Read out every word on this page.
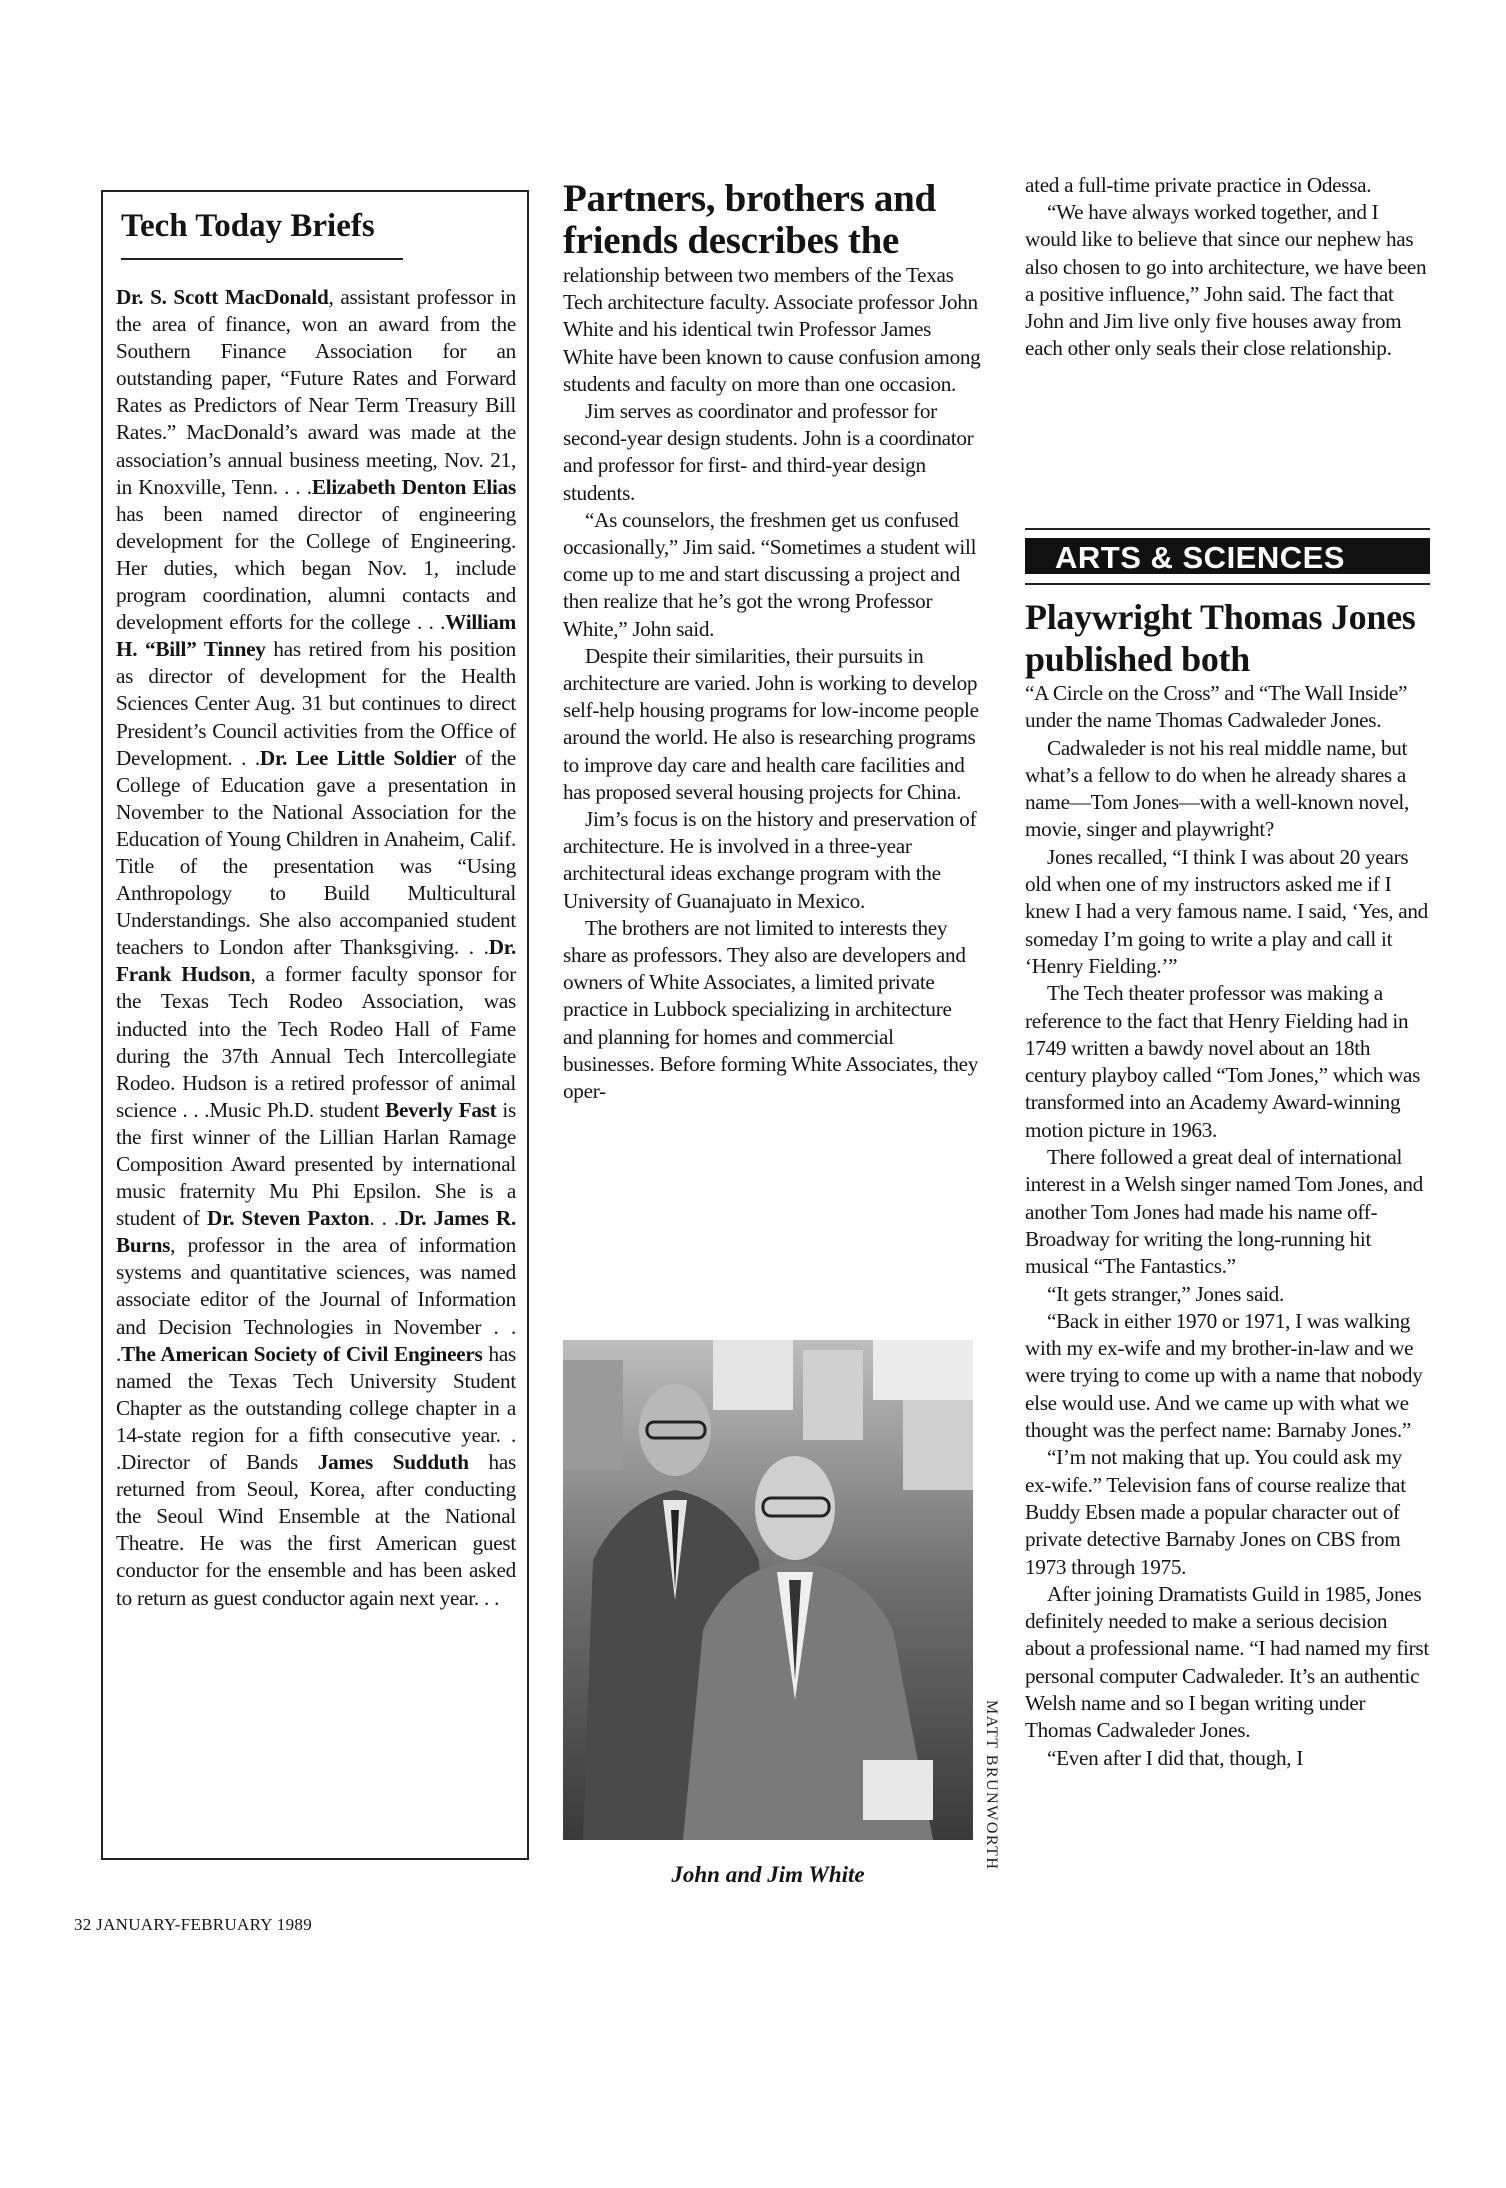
Tech Today Briefs

Dr. S. Scott MacDonald, assistant professor in the area of finance, won an award from the Southern Finance Association for an outstanding paper, “Future Rates and Forward Rates as Predictors of Near Term Treasury Bill Rates.” MacDonald’s award was made at the association’s annual business meeting, Nov. 21, in Knoxville, Tenn. . . .Elizabeth Denton Elias has been named director of engineering development for the College of Engineering. Her duties, which began Nov. 1, include program coordination, alumni contacts and development efforts for the college . . .William H. “Bill” Tinney has retired from his position as director of development for the Health Sciences Center Aug. 31 but continues to direct President’s Council activities from the Office of Development. . .Dr. Lee Little Soldier of the College of Education gave a presentation in November to the National Association for the Education of Young Children in Anaheim, Calif. Title of the presentation was “Using Anthropology to Build Multicultural Understandings. She also accompanied student teachers to London after Thanksgiving. . .Dr. Frank Hudson, a former faculty sponsor for the Texas Tech Rodeo Association, was inducted into the Tech Rodeo Hall of Fame during the 37th Annual Tech Intercollegiate Rodeo. Hudson is a retired professor of animal science . . .Music Ph.D. student Beverly Fast is the first winner of the Lillian Harlan Ramage Composition Award presented by international music fraternity Mu Phi Epsilon. She is a student of Dr. Steven Paxton. . .Dr. James R. Burns, professor in the area of information systems and quantitative sciences, was named associate editor of the Journal of Information and Decision Technologies in November . . .The American Society of Civil Engineers has named the Texas Tech University Student Chapter as the outstanding college chapter in a 14-state region for a fifth consecutive year. . .Director of Bands James Sudduth has returned from Seoul, Korea, after conducting the Seoul Wind Ensemble at the National Theatre. He was the first American guest conductor for the ensemble and has been asked to return as guest conductor again next year. . .

Partners, brothers and friends describes the

relationship between two members of the Texas Tech architecture faculty. Associate professor John White and his identical twin Professor James White have been known to cause confusion among students and faculty on more than one occasion.

Jim serves as coordinator and professor for second-year design students. John is a coordinator and professor for first- and third-year design students.

“As counselors, the freshmen get us confused occasionally,” Jim said. “Sometimes a student will come up to me and start discussing a project and then realize that he’s got the wrong Professor White,” John said.

Despite their similarities, their pursuits in architecture are varied. John is working to develop self-help housing programs for low-income people around the world. He also is researching programs to improve day care and health care facilities and has proposed several housing projects for China.

Jim’s focus is on the history and preservation of architecture. He is involved in a three-year architectural ideas exchange program with the University of Guanajuato in Mexico.

The brothers are not limited to interests they share as professors. They also are developers and owners of White Associates, a limited private practice in Lubbock specializing in architecture and planning for homes and commercial businesses. Before forming White Associates, they oper-

MATT BRUNWORTH
John and Jim White

ated a full-time private practice in Odessa.

“We have always worked together, and I would like to believe that since our nephew has also chosen to go into architecture, we have been a positive influence,” John said. The fact that John and Jim live only five houses away from each other only seals their close relationship.

ARTS & SCIENCES
Playwright Thomas Jones published both

“A Circle on the Cross” and “The Wall Inside” under the name Thomas Cadwaleder Jones.

Cadwaleder is not his real middle name, but what’s a fellow to do when he already shares a name—Tom Jones—with a well-known novel, movie, singer and playwright?

Jones recalled, “I think I was about 20 years old when one of my instructors asked me if I knew I had a very famous name. I said, ‘Yes, and someday I’m going to write a play and call it ‘Henry Fielding.’”

The Tech theater professor was making a reference to the fact that Henry Fielding had in 1749 written a bawdy novel about an 18th century playboy called “Tom Jones,” which was transformed into an Academy Award-winning motion picture in 1963.

There followed a great deal of international interest in a Welsh singer named Tom Jones, and another Tom Jones had made his name off-Broadway for writing the long-running hit musical “The Fantastics.”

“It gets stranger,” Jones said.

“Back in either 1970 or 1971, I was walking with my ex-wife and my brother-in-law and we were trying to come up with a name that nobody else would use. And we came up with what we thought was the perfect name: Barnaby Jones.”

“I’m not making that up. You could ask my ex-wife.” Television fans of course realize that Buddy Ebsen made a popular character out of private detective Barnaby Jones on CBS from 1973 through 1975.

After joining Dramatists Guild in 1985, Jones definitely needed to make a serious decision about a professional name. “I had named my first personal computer Cadwaleder. It’s an authentic Welsh name and so I began writing under Thomas Cadwaleder Jones.

“Even after I did that, though, I

32 JANUARY-FEBRUARY 1989
